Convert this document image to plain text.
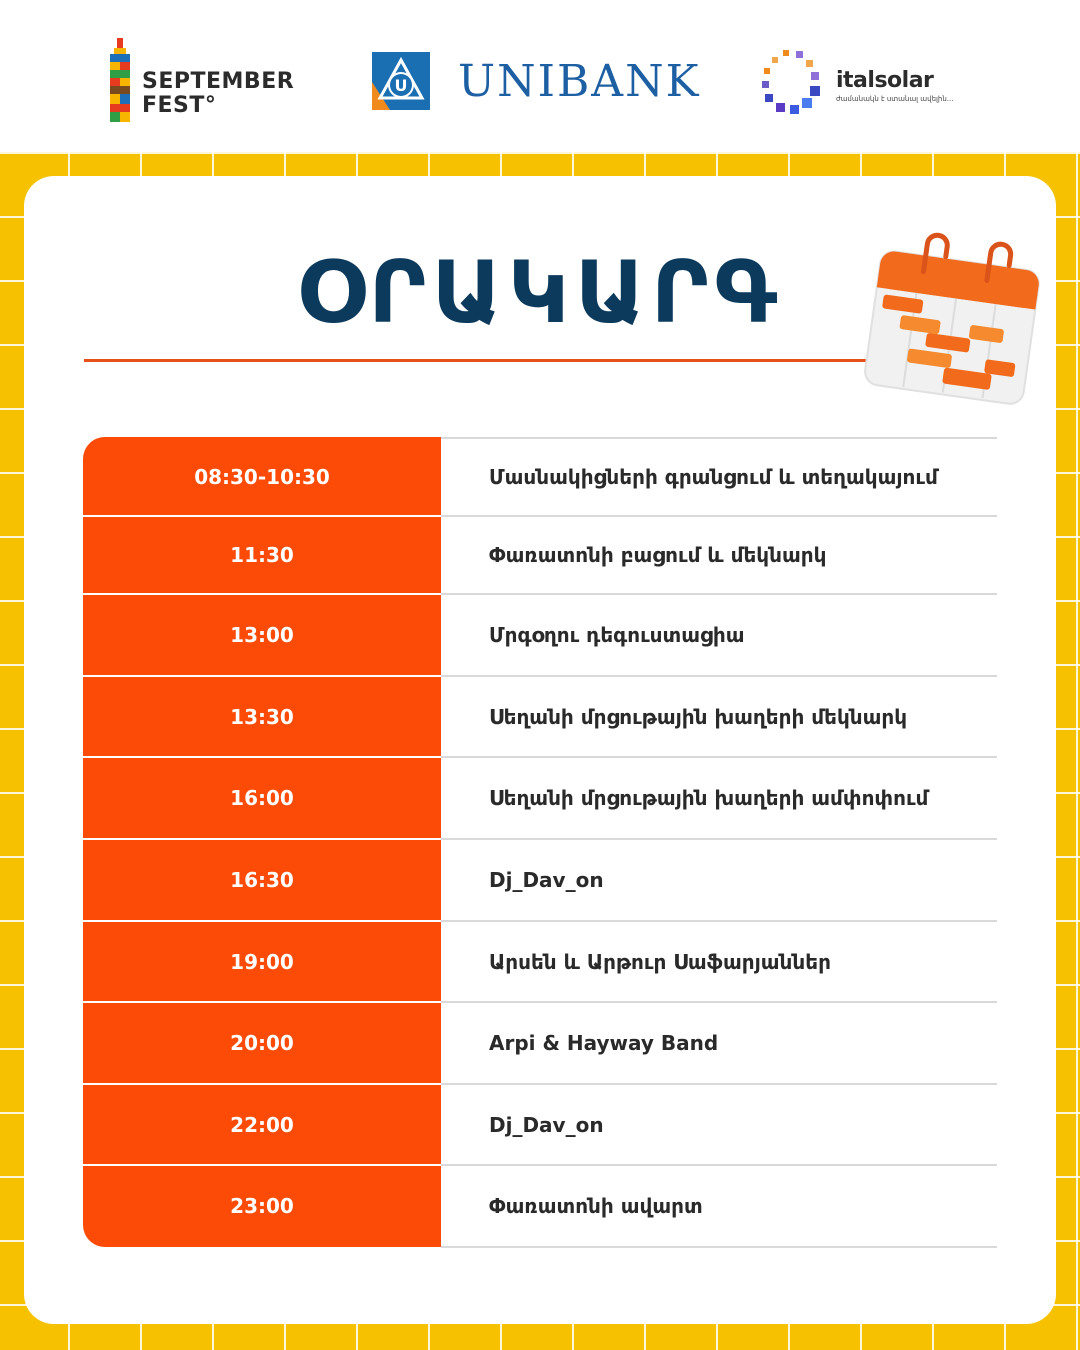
SEPTEMBER
FEST°
U UNIBANK	italsolar
ժամանակն է ստանալ ավելին...
ՕՐԱԿԱՐԳ
08:30-10:30	Մասնակիցների գրանցում և տեղակայում
11:30	Փառատոնի բացում և մեկնարկ
13:00	Մրգօղու դեգուստացիա
13:30	Սեղանի մրցութային խաղերի մեկնարկ
16:00	Սեղանի մրցութային խաղերի ամփոփում
16:30	Dj_Dav_on
19:00	Արսեն և Արթուր Սաֆարյաններ
20:00	Arpi & Hayway Band
22:00	Dj_Dav_on
23:00	Փառատոնի ավարտ
